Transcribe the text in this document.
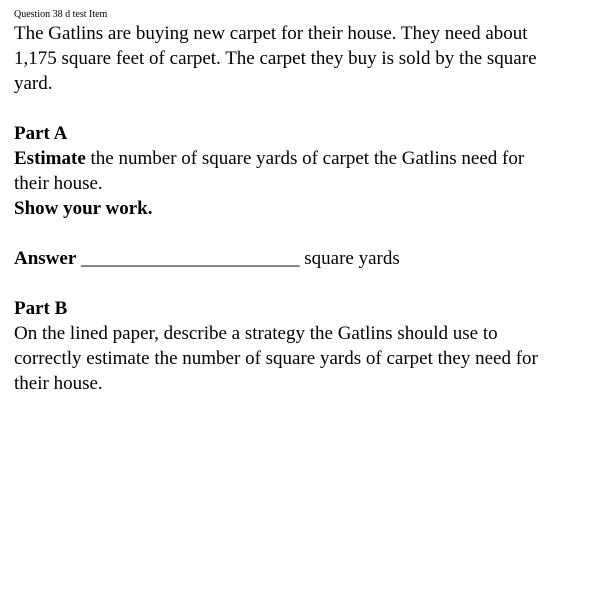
Question 38 d test Item

The Gatlins are buying new carpet for their house. They need about

1,175 square feet of carpet. The carpet they buy is sold by the square

yard.

Part A

Estimate the number of square yards of carpet the Gatlins need for

their house.

Show your work.

Answer _______________________ square yards

Part B

On the lined paper, describe a strategy the Gatlins should use to

correctly estimate the number of square yards of carpet they need for

their house.
